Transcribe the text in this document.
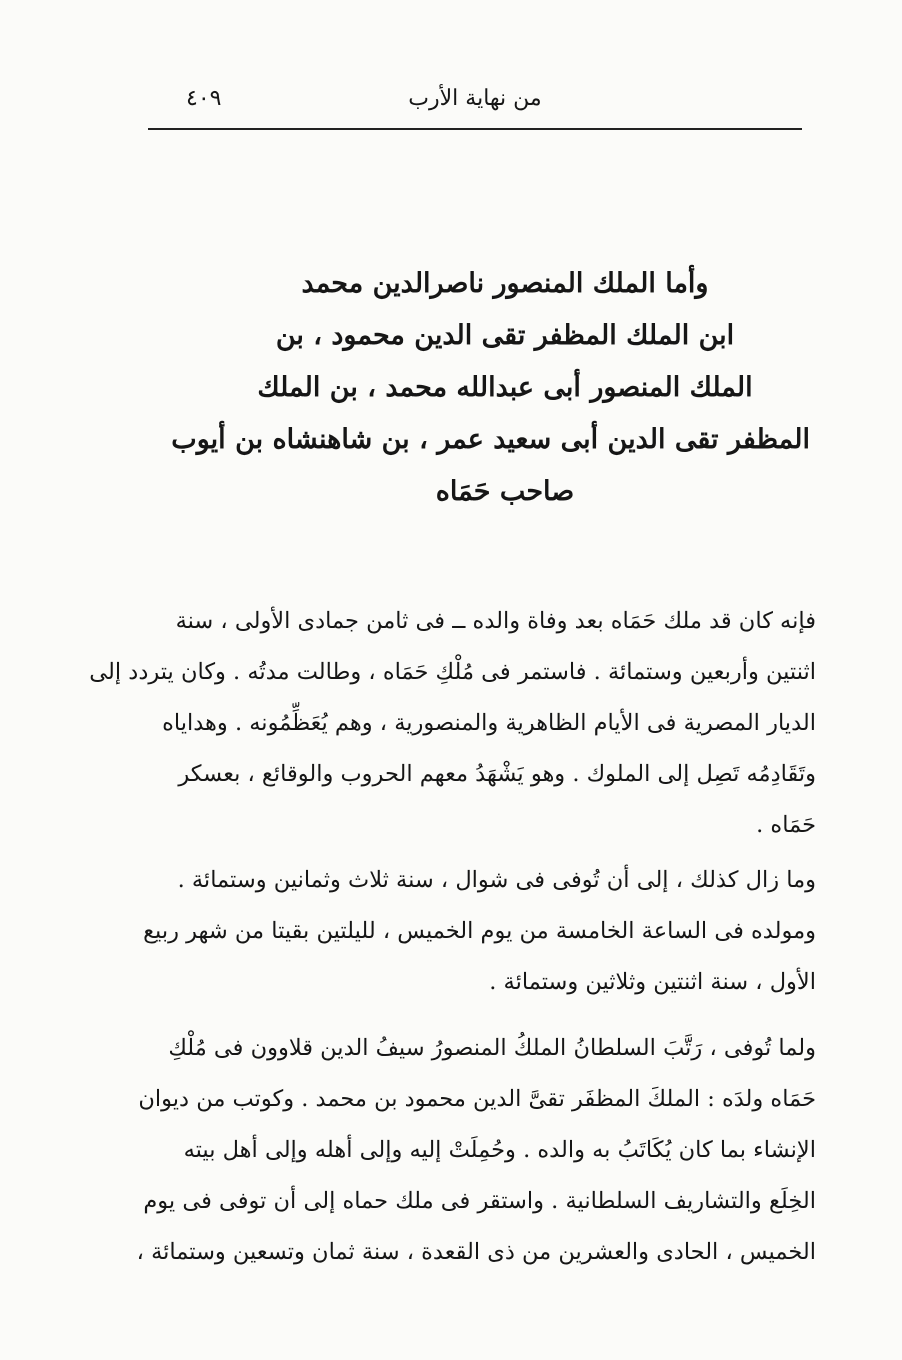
من نهاية الأرب
٤٠٩
وأما الملك المنصور ناصرالدين محمد
ابن الملك المظفر تقى الدين محمود ، بن
الملك المنصور أبى عبدالله محمد ، بن الملك
المظفر تقى الدين أبى سعيد عمر ، بن شاهنشاه بن أيوب
صاحب حَمَاه
فإنه كان قد ملك حَمَاه بعد وفاة والده ــ فى ثامن جمادى الأولى ، سنة
اثنتين وأربعين وستمائة . فاستمر فى مُلْكِ حَمَاه ، وطالت مدتُه . وكان يتردد إلى
الديار المصرية فى الأيام الظاهرية والمنصورية ، وهم يُعَظِّمُونه . وهداياه
وتَقَادِمُه تَصِل إلى الملوك . وهو يَشْهَدُ معهم الحروب والوقائع ، بعسكر
حَمَاه .
وما زال كذلك ، إلى أن تُوفى فى شوال ، سنة ثلاث وثمانين وستمائة .
ومولده فى الساعة الخامسة من يوم الخميس ، لليلتين بقيتا من شهر ربيع
الأول ، سنة اثنتين وثلاثين وستمائة .
ولما تُوفى ، رَتَّبَ السلطانُ الملكُ المنصورُ سيفُ الدين قلاوون فى مُلْكِ
حَمَاه ولدَه : الملكَ المظفَر تقىَّ الدين محمود بن محمد . وكوتب من ديوان
الإنشاء بما كان يُكَاتَبُ به والده . وحُمِلَتْ إليه وإلى أهله وإلى أهل بيته
الخِلَع والتشاريف السلطانية . واستقر فى ملك حماه إلى أن توفى فى يوم
الخميس ، الحادى والعشرين من ذى القعدة ، سنة ثمان وتسعين وستمائة ،
